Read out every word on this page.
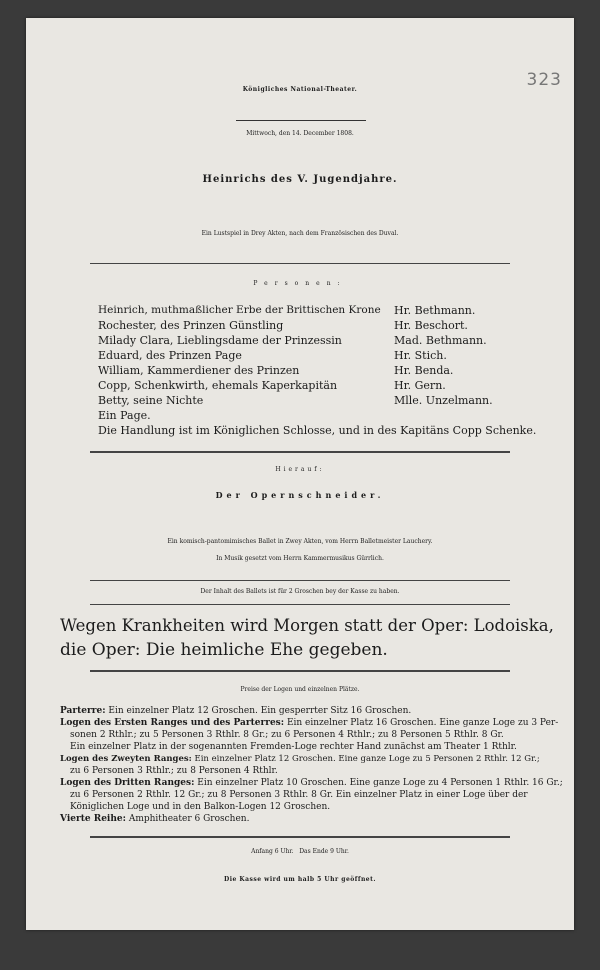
323
Königliches National-Theater.
Mittwoch, den 14. December 1808.
Heinrichs des V. Jugendjahre.
Ein Lustspiel in Drey Akten, nach dem Französischen des Duval.
Personen:
Heinrich, muthmaßlicher Erbe der Brittischen Krone Hr. Bethmann.
Rochester, des Prinzen Günstling	Hr. Beschort.
Milady Clara, Lieblingsdame der Prinzessin	Mad. Bethmann.
Eduard, des Prinzen Page	Hr. Stich.
William, Kammerdiener des Prinzen	Hr. Benda.
Copp, Schenkwirth, ehemals Kaperkapitän	Hr. Gern.
Betty, seine Nichte	Mlle. Unzelmann.
Ein Page.
Die Handlung ist im Königlichen Schlosse, und in des Kapitäns Copp Schenke.
Hierauf:
Der Opernschneider.
Ein komisch-pantomimisches Ballet in Zwey Akten, vom Herrn Balletmeister Lauchery.
In Musik gesetzt vom Herrn Kammermusikus Gürrlich.
Der Inhalt des Ballets ist für 2 Groschen bey der Kasse zu haben.
Wegen Krankheiten wird Morgen statt der Oper: Lodoiska,
die Oper: Die heimliche Ehe gegeben.
Preise der Logen und einzelnen Plätze.
Parterre: Ein einzelner Platz 12 Groschen. Ein gesperrter Sitz 16 Groschen.
Logen des Ersten Ranges und des Parterres: Ein einzelner Platz 16 Groschen. Eine ganze Loge zu 3 Per-
sonen 2 Rthlr.; zu 5 Personen 3 Rthlr. 8 Gr.; zu 6 Personen 4 Rthlr.; zu 8 Personen 5 Rthlr. 8 Gr.
Ein einzelner Platz in der sogenannten Fremden-Loge rechter Hand zunächst am Theater 1 Rthlr.
Logen des Zweyten Ranges: Ein einzelner Platz 12 Groschen. Eine ganze Loge zu 5 Personen 2 Rthlr. 12 Gr.;
zu 6 Personen 3 Rthlr.; zu 8 Personen 4 Rthlr.
Logen des Dritten Ranges: Ein einzelner Platz 10 Groschen. Eine ganze Loge zu 4 Personen 1 Rthlr. 16 Gr.;
zu 6 Personen 2 Rthlr. 12 Gr.; zu 8 Personen 3 Rthlr. 8 Gr. Ein einzelner Platz in einer Loge über der
Königlichen Loge und in den Balkon-Logen 12 Groschen.
Vierte Reihe: Amphitheater 6 Groschen.
Anfang 6 Uhr.   Das Ende 9 Uhr.
Die Kasse wird um halb 5 Uhr geöffnet.
